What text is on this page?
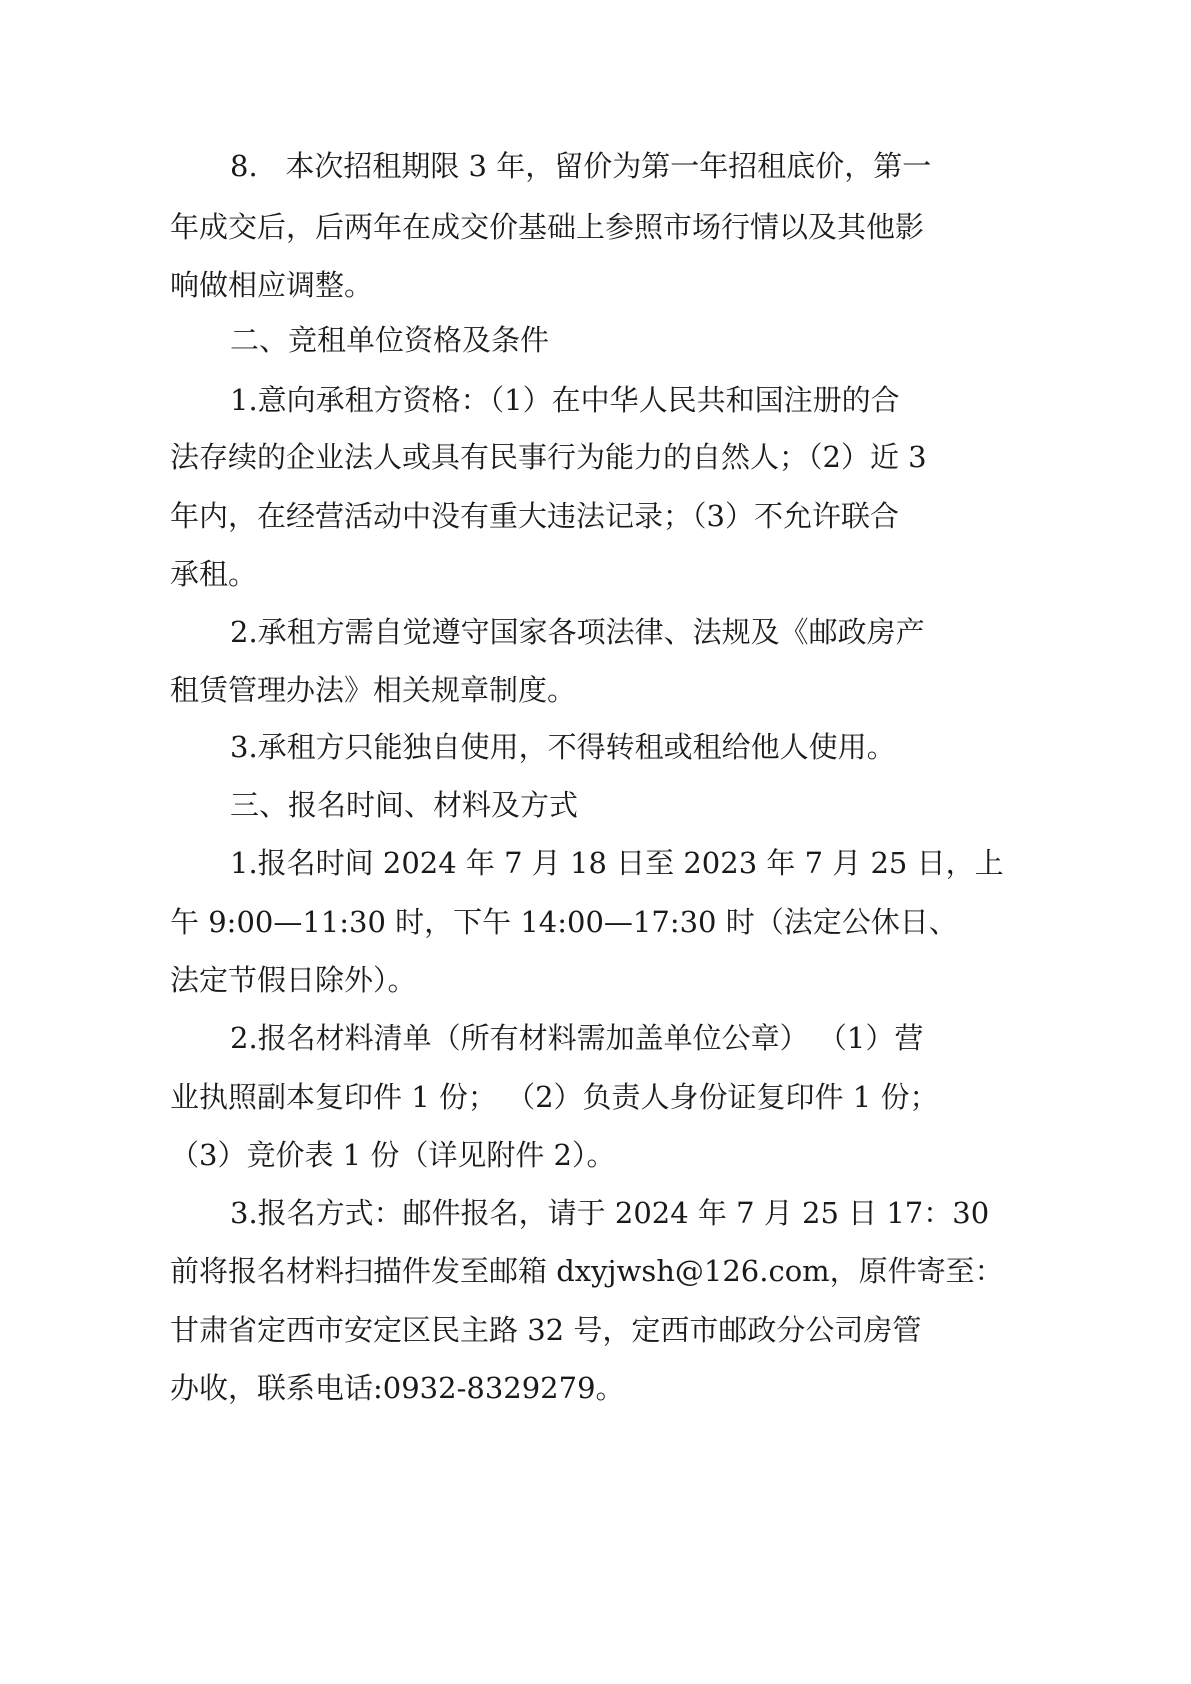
8.   本次招租期限 3 年，留价为第一年招租底价，第一

年成交后，后两年在成交价基础上参照市场行情以及其他影

响做相应调整。

二、竞租单位资格及条件

1.意向承租方资格：（1）在中华人民共和国注册的合

法存续的企业法人或具有民事行为能力的自然人；（2）近 3

年内，在经营活动中没有重大违法记录；（3）不允许联合

承租。

2.承租方需自觉遵守国家各项法律、法规及《邮政房产

租赁管理办法》相关规章制度。

3.承租方只能独自使用，不得转租或租给他人使用。

三、报名时间、材料及方式

1.报名时间 2024 年 7 月 18 日至 2023 年 7 月 25 日，上

午 9:00—11:30 时，下午 14:00—17:30 时（法定公休日、

法定节假日除外）。

2.报名材料清单（所有材料需加盖单位公章） （1）营

业执照副本复印件 1 份； （2）负责人身份证复印件 1 份；

（3）竞价表 1 份（详见附件 2）。

3.报名方式：邮件报名，请于 2024 年 7 月 25 日 17：30

前将报名材料扫描件发至邮箱 dxyjwsh@126.com，原件寄至：

甘肃省定西市安定区民主路 32 号，定西市邮政分公司房管

办收，联系电话:0932-8329279。
